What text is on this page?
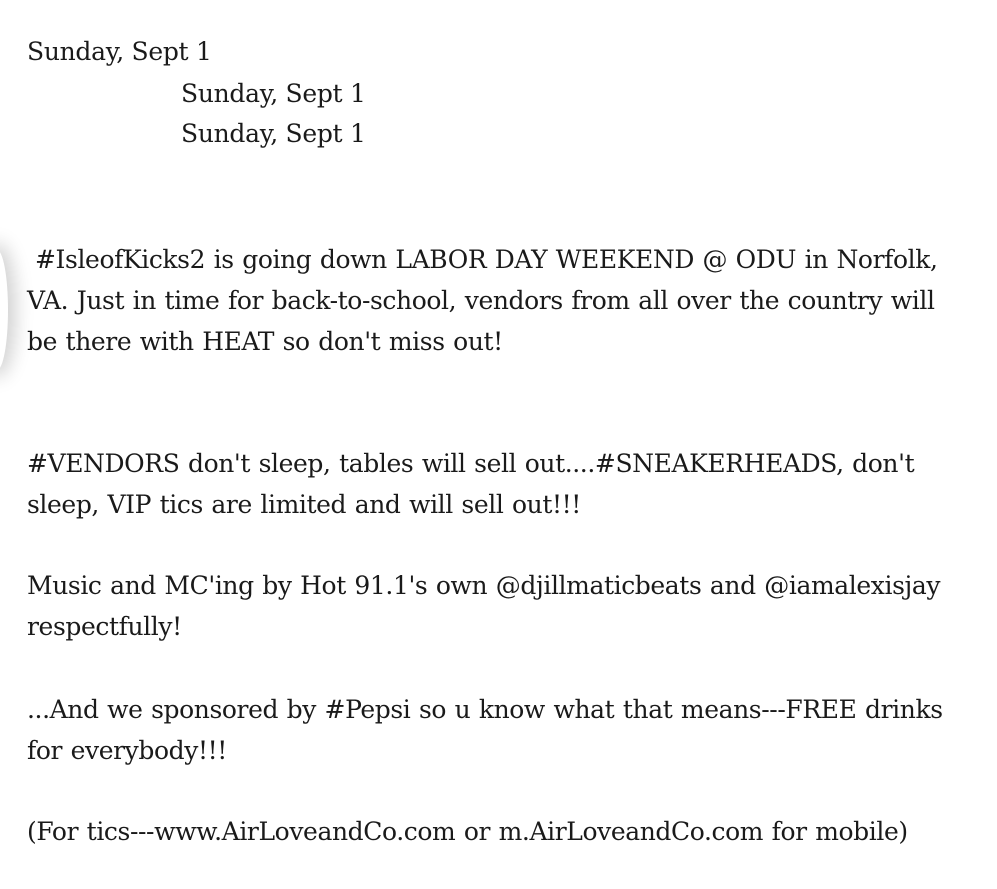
Sunday, Sept 1
Sunday, Sept 1
Sunday, Sept 1

#IsleofKicks2 is going down LABOR DAY WEEKEND @ ODU in Norfolk, VA. Just in time for back-to-school, vendors from all over the country will be there with HEAT so don't miss out!

#VENDORS don't sleep, tables will sell out....#SNEAKERHEADS, don't sleep, VIP tics are limited and will sell out!!!

Music and MC'ing by Hot 91.1's own @djillmaticbeats and @iamalexisjay respectfully!

...And we sponsored by #Pepsi so u know what that means---FREE drinks for everybody!!!

(For tics---www.AirLoveandCo.com or m.AirLoveandCo.com for mobile)
